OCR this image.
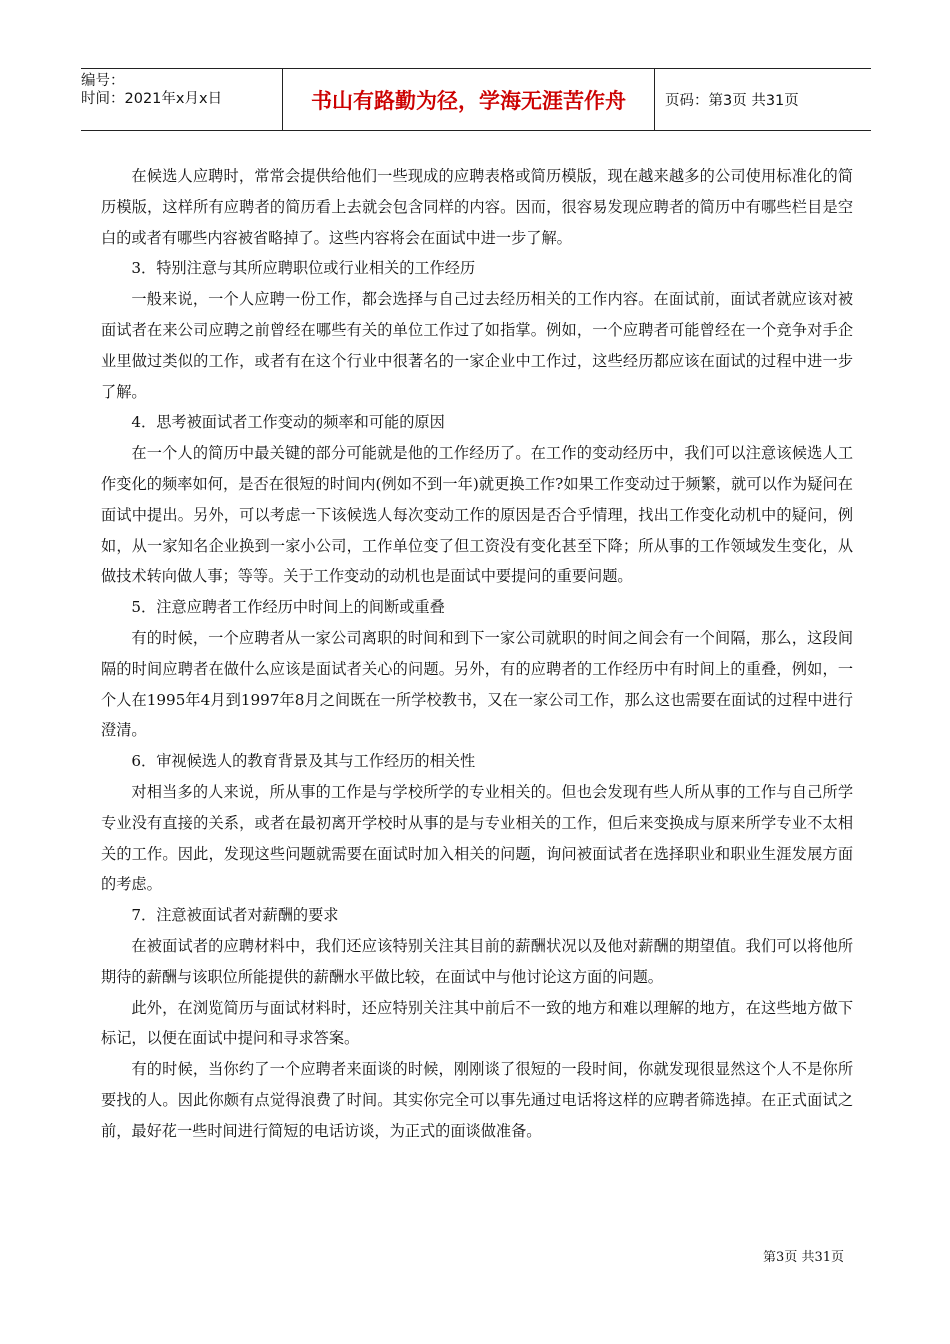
编号：
时间：2021年x月x日	书山有路勤为径，学海无涯苦作舟	页码：第3页 共31页

在候选人应聘时，常常会提供给他们一些现成的应聘表格或简历模版，现在越来越多的公司使用标准化的简历模版，这样所有应聘者的简历看上去就会包含同样的内容。因而，很容易发现应聘者的简历中有哪些栏目是空白的或者有哪些内容被省略掉了。这些内容将会在面试中进一步了解。

3．特别注意与其所应聘职位或行业相关的工作经历

一般来说，一个人应聘一份工作，都会选择与自己过去经历相关的工作内容。在面试前，面试者就应该对被面试者在来公司应聘之前曾经在哪些有关的单位工作过了如指掌。例如，一个应聘者可能曾经在一个竞争对手企业里做过类似的工作，或者有在这个行业中很著名的一家企业中工作过，这些经历都应该在面试的过程中进一步了解。

4．思考被面试者工作变动的频率和可能的原因

在一个人的简历中最关键的部分可能就是他的工作经历了。在工作的变动经历中，我们可以注意该候选人工作变化的频率如何，是否在很短的时间内(例如不到一年)就更换工作?如果工作变动过于频繁，就可以作为疑问在面试中提出。另外，可以考虑一下该候选人每次变动工作的原因是否合乎情理，找出工作变化动机中的疑问，例如，从一家知名企业换到一家小公司，工作单位变了但工资没有变化甚至下降；所从事的工作领域发生变化，从做技术转向做人事；等等。关于工作变动的动机也是面试中要提问的重要问题。

5．注意应聘者工作经历中时间上的间断或重叠

有的时候，一个应聘者从一家公司离职的时间和到下一家公司就职的时间之间会有一个间隔，那么，这段间隔的时间应聘者在做什么应该是面试者关心的问题。另外，有的应聘者的工作经历中有时间上的重叠，例如，一个人在1995年4月到1997年8月之间既在一所学校教书，又在一家公司工作，那么这也需要在面试的过程中进行澄清。

6．审视候选人的教育背景及其与工作经历的相关性

对相当多的人来说，所从事的工作是与学校所学的专业相关的。但也会发现有些人所从事的工作与自己所学专业没有直接的关系，或者在最初离开学校时从事的是与专业相关的工作，但后来变换成与原来所学专业不太相关的工作。因此，发现这些问题就需要在面试时加入相关的问题，询问被面试者在选择职业和职业生涯发展方面的考虑。

7．注意被面试者对薪酬的要求

在被面试者的应聘材料中，我们还应该特别关注其目前的薪酬状况以及他对薪酬的期望值。我们可以将他所期待的薪酬与该职位所能提供的薪酬水平做比较，在面试中与他讨论这方面的问题。

此外，在浏览简历与面试材料时，还应特别关注其中前后不一致的地方和难以理解的地方，在这些地方做下标记，以便在面试中提问和寻求答案。

有的时候，当你约了一个应聘者来面谈的时候，刚刚谈了很短的一段时间，你就发现很显然这个人不是你所要找的人。因此你颇有点觉得浪费了时间。其实你完全可以事先通过电话将这样的应聘者筛选掉。在正式面试之前，最好花一些时间进行简短的电话访谈，为正式的面谈做准备。

第3页 共31页
